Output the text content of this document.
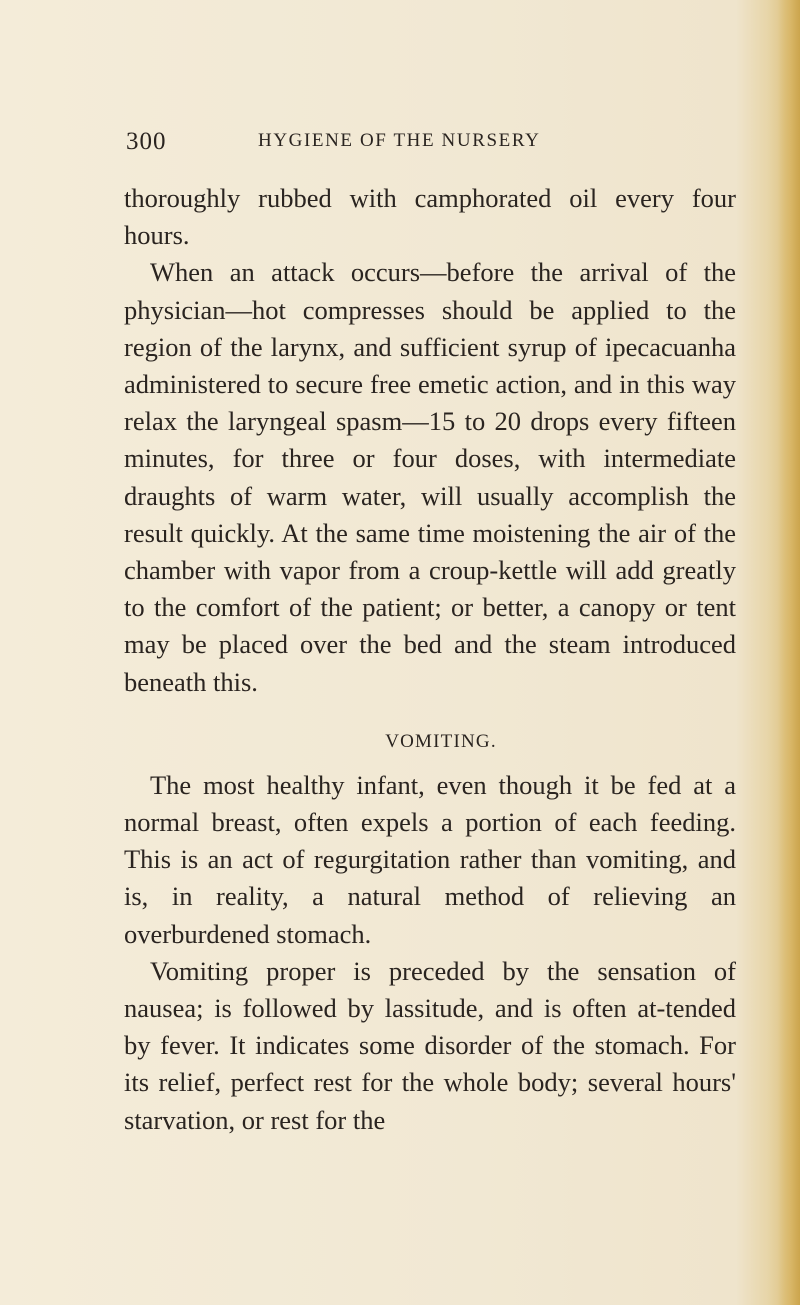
300	HYGIENE OF THE NURSERY

thoroughly rubbed with camphorated oil every four hours.

When an attack occurs—before the arrival of the physician—hot compresses should be applied to the region of the larynx, and sufficient syrup of ipecacuanha administered to secure free emetic action, and in this way relax the laryngeal spasm—15 to 20 drops every fifteen minutes, for three or four doses, with intermediate draughts of warm water, will usually accomplish the result quickly. At the same time moistening the air of the chamber with vapor from a croup-kettle will add greatly to the comfort of the patient; or better, a canopy or tent may be placed over the bed and the steam introduced beneath this.

VOMITING.

The most healthy infant, even though it be fed at a normal breast, often expels a portion of each feeding. This is an act of regurgitation rather than vomiting, and is, in reality, a natural method of relieving an overburdened stomach.

Vomiting proper is preceded by the sensation of nausea; is followed by lassitude, and is often at-tended by fever. It indicates some disorder of the stomach. For its relief, perfect rest for the whole body; several hours' starvation, or rest for the
